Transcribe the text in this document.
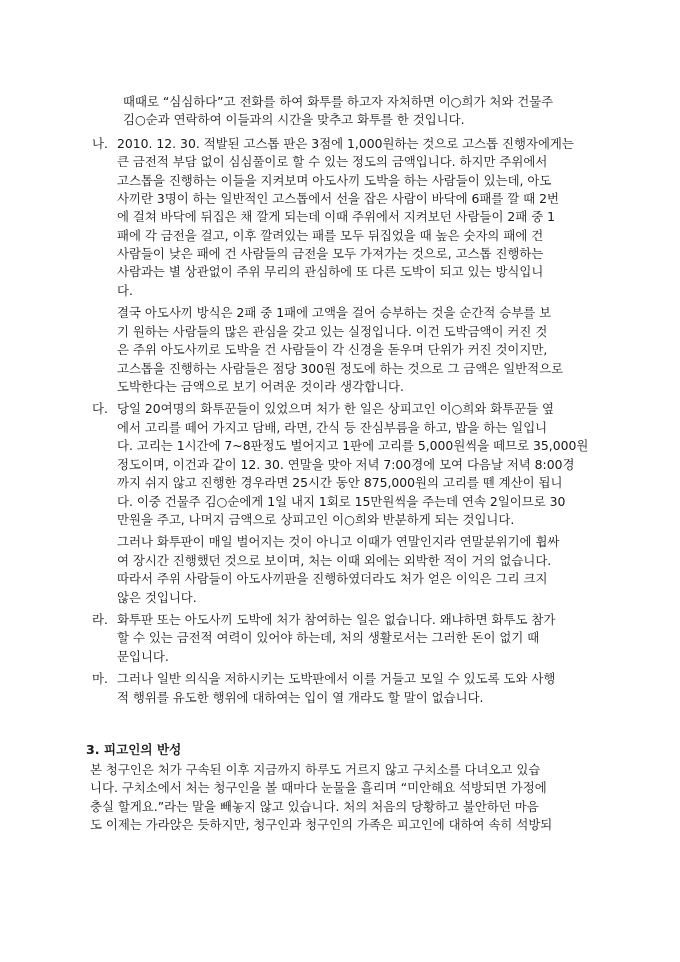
때때로 “심심하다”고 전화를 하여 화투를 하고자 자처하면 이○희가 처와 건물주
김○순과 연락하여 이들과의 시간을 맞추고 화투를 한 것입니다.
나. 2010. 12. 30. 적발된 고스톱 판은 3점에 1,000원하는 것으로 고스톱 진행자에게는
큰 금전적 부담 없이 심심풀이로 할 수 있는 정도의 금액입니다. 하지만 주위에서
고스톱을 진행하는 이들을 지켜보며 아도사끼 도박을 하는 사람들이 있는데, 아도
사끼란 3명이 하는 일반적인 고스톱에서 선을 잡은 사람이 바닥에 6패를 깔 때 2번
에 걸쳐 바닥에 뒤집은 채 깔게 되는데 이때 주위에서 지켜보던 사람들이 2패 중 1
패에 각 금전을 걸고, 이후 깔려있는 패를 모두 뒤집었을 때 높은 숫자의 패에 건
사람들이 낮은 패에 건 사람들의 금전을 모두 가져가는 것으로, 고스톱 진행하는
사람과는 별 상관없이 주위 무리의 관심하에 또 다른 도박이 되고 있는 방식입니
다.
결국 아도사끼 방식은 2패 중 1패에 고액을 걸어 승부하는 것을 순간적 승부를 보
기 원하는 사람들의 많은 관심을 갖고 있는 실정입니다. 이건 도박금액이 커진 것
은 주위 아도사끼로 도박을 건 사람들이 각 신경을 돋우며 단위가 커진 것이지만,
고스톱을 진행하는 사람들은 점당 300원 정도에 하는 것으로 그 금액은 일반적으로
도박한다는 금액으로 보기 어려운 것이라 생각합니다.
다. 당일 20여명의 화투꾼들이 있었으며 처가 한 일은 상피고인 이○희와 화투꾼들 옆
에서 고리를 떼어 가지고 담배, 라면, 간식 등 잔심부름을 하고, 밥을 하는 일입니
다. 고리는 1시간에 7~8판정도 벌어지고 1판에 고리를 5,000원씩을 떼므로 35,000원
정도이며, 이건과 같이 12. 30. 연말을 맞아 저녁 7:00경에 모여 다음날 저녁 8:00경
까지 쉬지 않고 진행한 경우라면 25시간 동안 875,000원의 고리를 뗀 계산이 됩니
다. 이중 건물주 김○순에게 1일 내지 1회로 15만원씩을 주는데 연속 2일이므로 30
만원을 주고, 나머지 금액으로 상피고인 이○희와 반분하게 되는 것입니다.
그러나 화투판이 매일 벌어지는 것이 아니고 이때가 연말인지라 연말분위기에 휩싸
여 장시간 진행했던 것으로 보이며, 처는 이때 외에는 외박한 적이 거의 없습니다.
따라서 주위 사람들이 아도사끼판을 진행하였더라도 처가 얻은 이익은 그리 크지
않은 것입니다.
라. 화투판 또는 아도사끼 도박에 처가 참여하는 일은 없습니다. 왜냐하면 화투도 참가
할 수 있는 금전적 여력이 있어야 하는데, 처의 생활로서는 그러한 돈이 없기 때
문입니다.
마. 그러나 일반 의식을 저하시키는 도박판에서 이를 거들고 모일 수 있도록 도와 사행
적 행위를 유도한 행위에 대하여는 입이 열 개라도 할 말이 없습니다.
3. 피고인의 반성
본 청구인은 처가 구속된 이후 지금까지 하루도 거르지 않고 구치소를 다녀오고 있습
니다. 구치소에서 처는 청구인을 볼 때마다 눈물을 흘리며 “미안해요 석방되면 가정에
충실 할게요.”라는 말을 빼놓지 않고 있습니다. 처의 처음의 당황하고 불안하던 마음
도 이제는 가라앉은 듯하지만, 청구인과 청구인의 가족은 피고인에 대하여 속히 석방되
